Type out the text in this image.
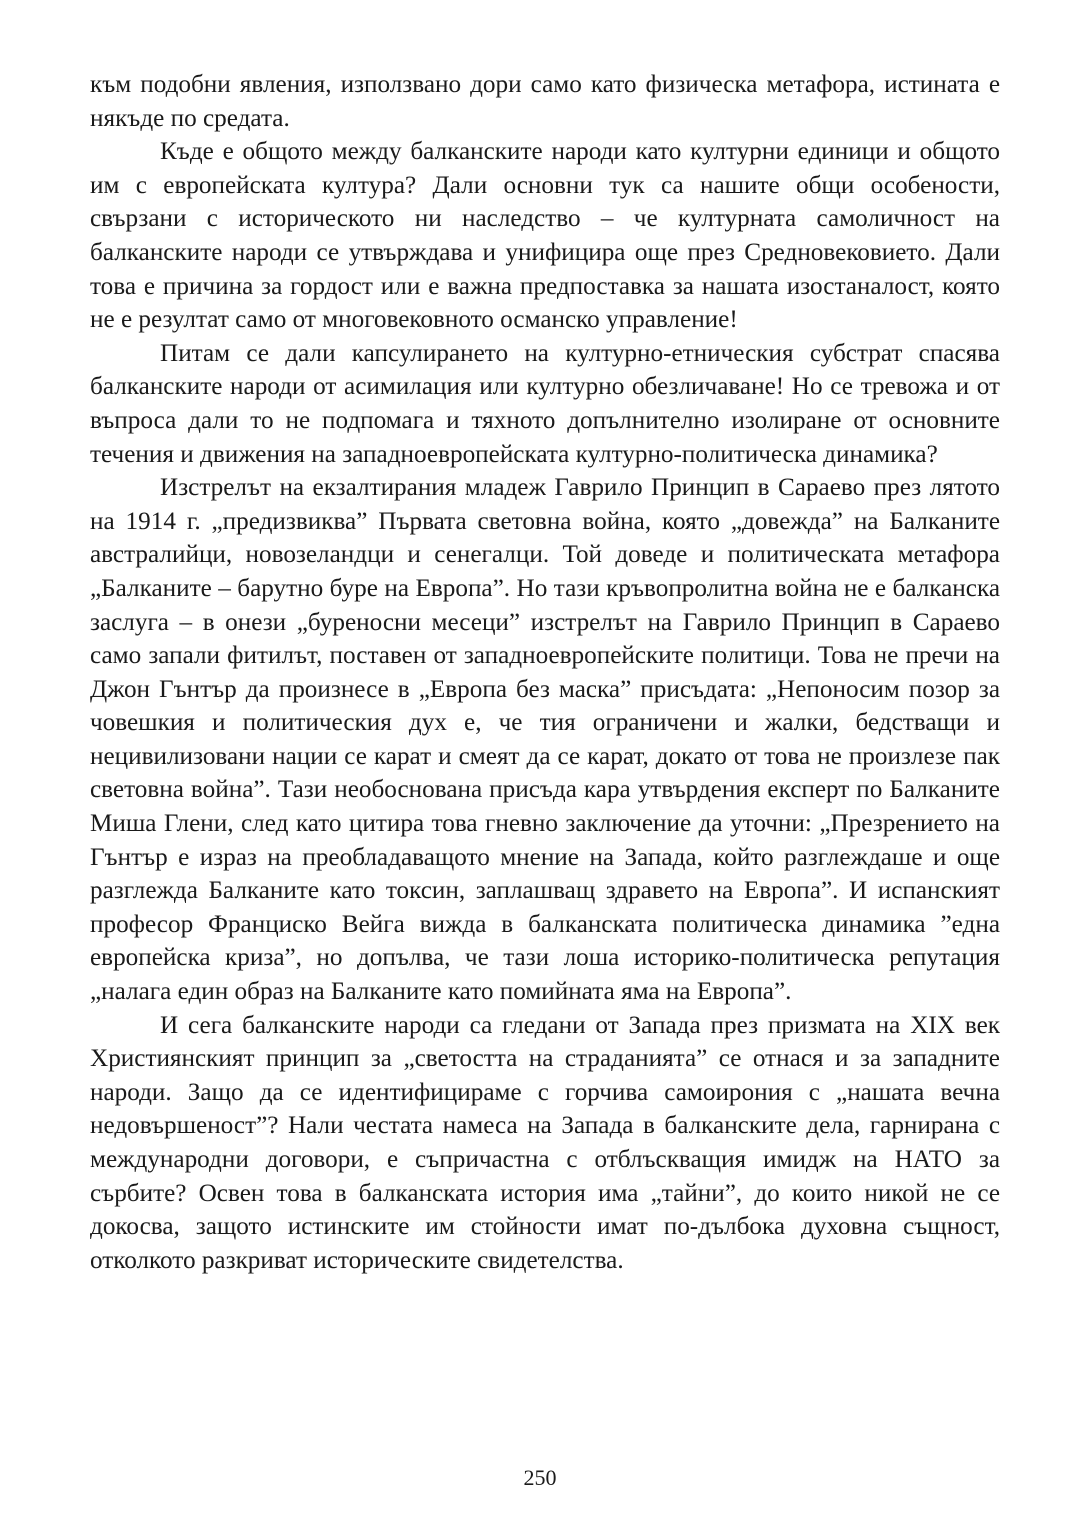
към подобни явления, използвано дори само като физическа метафора, истината е някъде по средата.

Къде е общото между балканските народи като културни единици и общото им с европейската култура? Дали основни тук са нашите общи особености, свързани с историческото ни наследство – че културната самоличност на балканските народи се утвърждава и унифицира още през Средновековието. Дали това е причина за гордост или е важна предпоставка за нашата изостаналост, която не е резултат само от многовековното османско управление!

Питам се дали капсулирането на културно-етническия субстрат спасява балканските народи от асимилация или културно обезличаване! Но се тревожа и от въпроса дали то не подпомага и тяхното допълнително изолиране от основните течения и движения на западноевропейската културно-политическа динамика?

Изстрелът на екзалтирания младеж Гаврило Принцип в Сараево през лятото на 1914 г. „предизвиква” Първата световна война, която „довежда” на Балканите австралийци, новозеландци и сенегалци. Той доведе и политическата метафора „Балканите – барутно буре на Европа”. Но тази кръвопролитна война не е балканска заслуга – в онези „буреносни месеци” изстрелът на Гаврило Принцип в Сараево само запали фитилът, поставен от западноевропейските политици. Това не пречи на Джон Гънтър да произнесе в „Европа без маска” присъдата: „Непоносим позор за човешкия и политическия дух е, че тия ограничени и жалки, бедстващи и нецивилизовани нации се карат и смеят да се карат, докато от това не произлезе пак световна война”. Тази необоснована присъда кара утвърдения експерт по Балканите Миша Глени, след като цитира това гневно заключение да уточни: „Презрението на Гънтър е израз на преобладаващото мнение на Запада, който разглеждаше и още разглежда Балканите като токсин, заплашващ здравето на Европа”. И испанският професор Франциско Вейга вижда в балканската политическа динамика ”една европейска криза”, но допълва, че тази лоша историко-политическа репутация „налага един образ на Балканите като помийната яма на Европа”.

И сега балканските народи са гледани от Запада през призмата на XIX век Християнският принцип за „светостта на страданията” се отнася и за западните народи. Защо да се идентифицираме с горчива самоирония с „нашата вечна недовършеност”? Нали честата намеса на Запада в балканските дела, гарнирана с международни договори, е съпричастна с отблъскващия имидж на НАТО за сърбите? Освен това в балканската история има „тайни”, до които никой не се докосва, защото истинските им стойности имат по-дълбока духовна същност, отколкото разкриват историческите свидетелства.

250
